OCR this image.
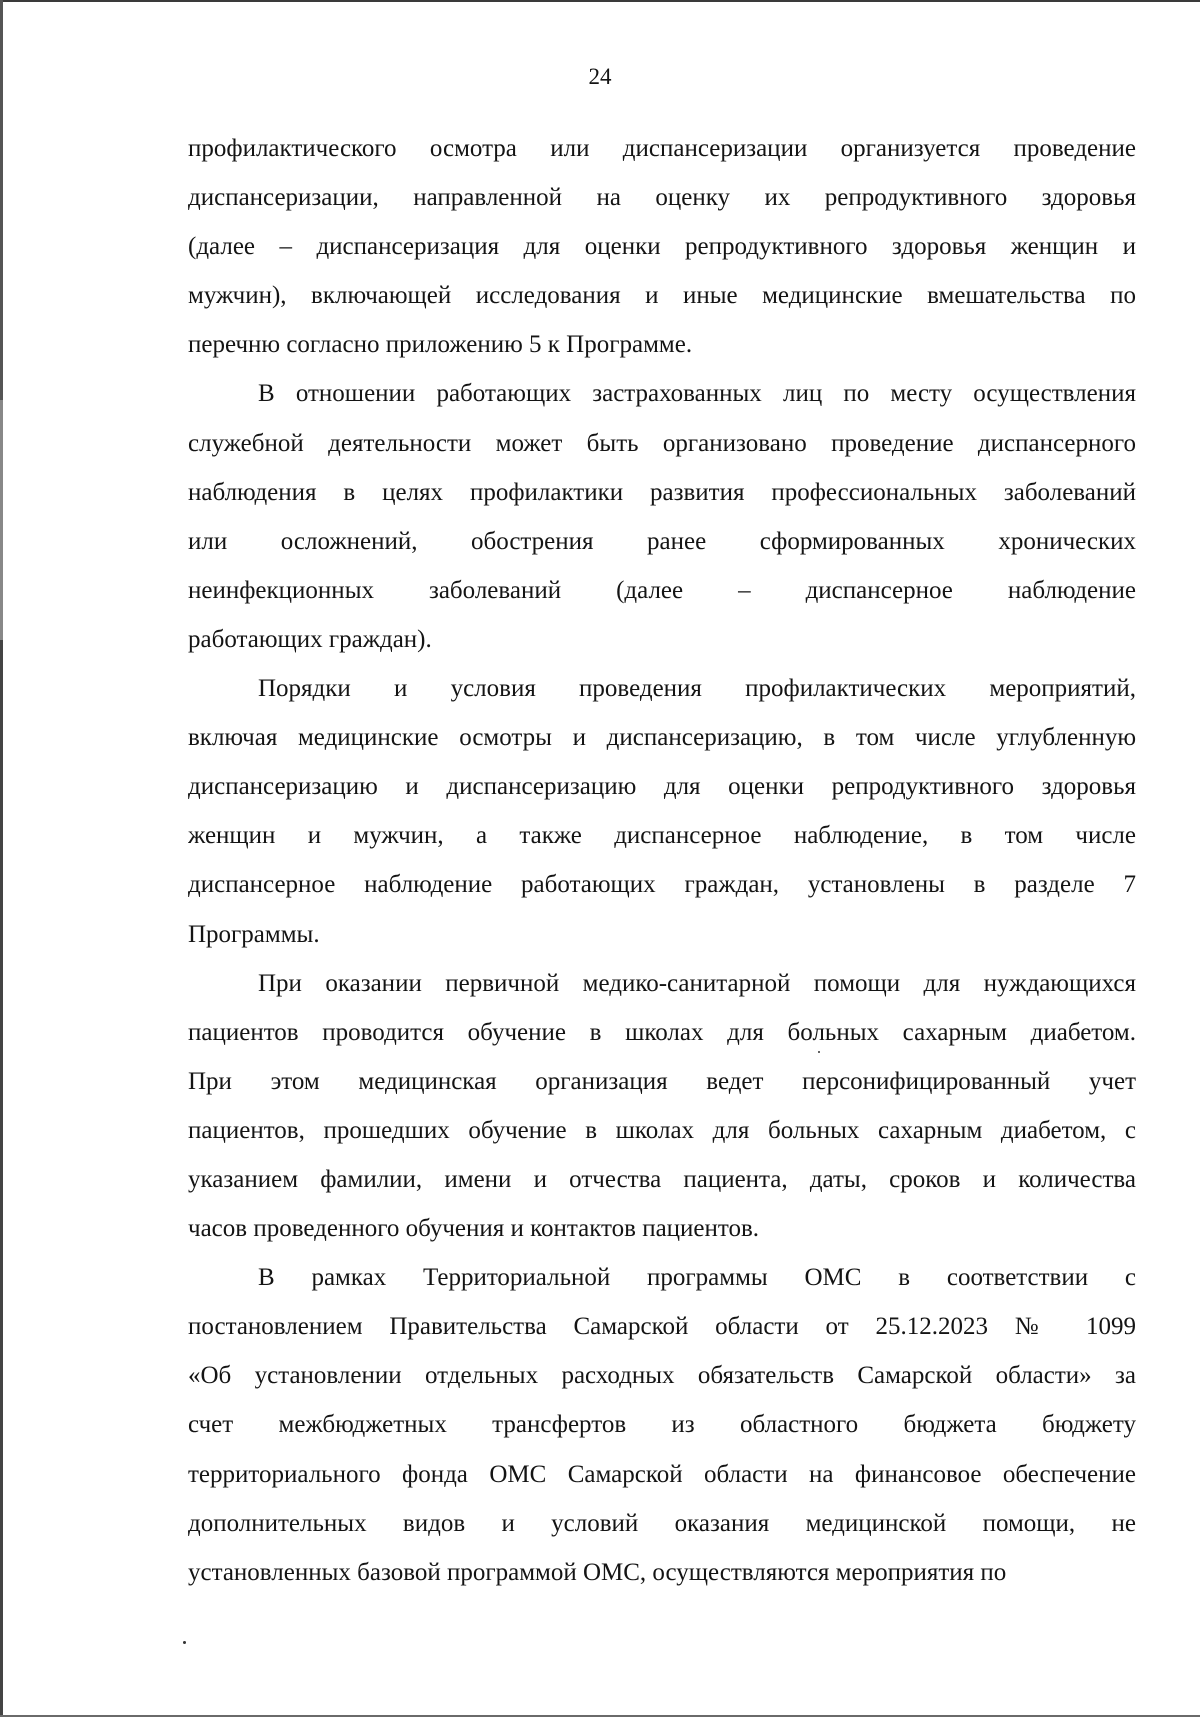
24

профилактического осмотра или диспансеризации организуется проведение
диспансеризации, направленной на оценку их репродуктивного здоровья
(далее – диспансеризация для оценки репродуктивного здоровья женщин и
мужчин), включающей исследования и иные медицинские вмешательства по
перечню согласно приложению 5 к Программе.

В отношении работающих застрахованных лиц по месту осуществления
служебной деятельности может быть организовано проведение диспансерного
наблюдения в целях профилактики развития профессиональных заболеваний
или осложнений, обострения ранее сформированных хронических
неинфекционных заболеваний (далее – диспансерное наблюдение
работающих граждан).

Порядки и условия проведения профилактических мероприятий,
включая медицинские осмотры и диспансеризацию, в том числе углубленную
диспансеризацию и диспансеризацию для оценки репродуктивного здоровья
женщин и мужчин, а также диспансерное наблюдение, в том числе
диспансерное наблюдение работающих граждан, установлены в разделе 7
Программы.

При оказании первичной медико-санитарной помощи для нуждающихся
пациентов проводится обучение в школах для больных сахарным диабетом.
При этом медицинская организация ведет персонифицированный учет
пациентов, прошедших обучение в школах для больных сахарным диабетом, с
указанием фамилии, имени и отчества пациента, даты, сроков и количества
часов проведенного обучения и контактов пациентов.

В рамках Территориальной программы ОМС в соответствии с
постановлением Правительства Самарской области от 25.12.2023 № 1099
«Об установлении отдельных расходных обязательств Самарской области» за
счет межбюджетных трансфертов из областного бюджета бюджету
территориального фонда ОМС Самарской области на финансовое обеспечение
дополнительных видов и условий оказания медицинской помощи, не
установленных базовой программой ОМС, осуществляются мероприятия по
